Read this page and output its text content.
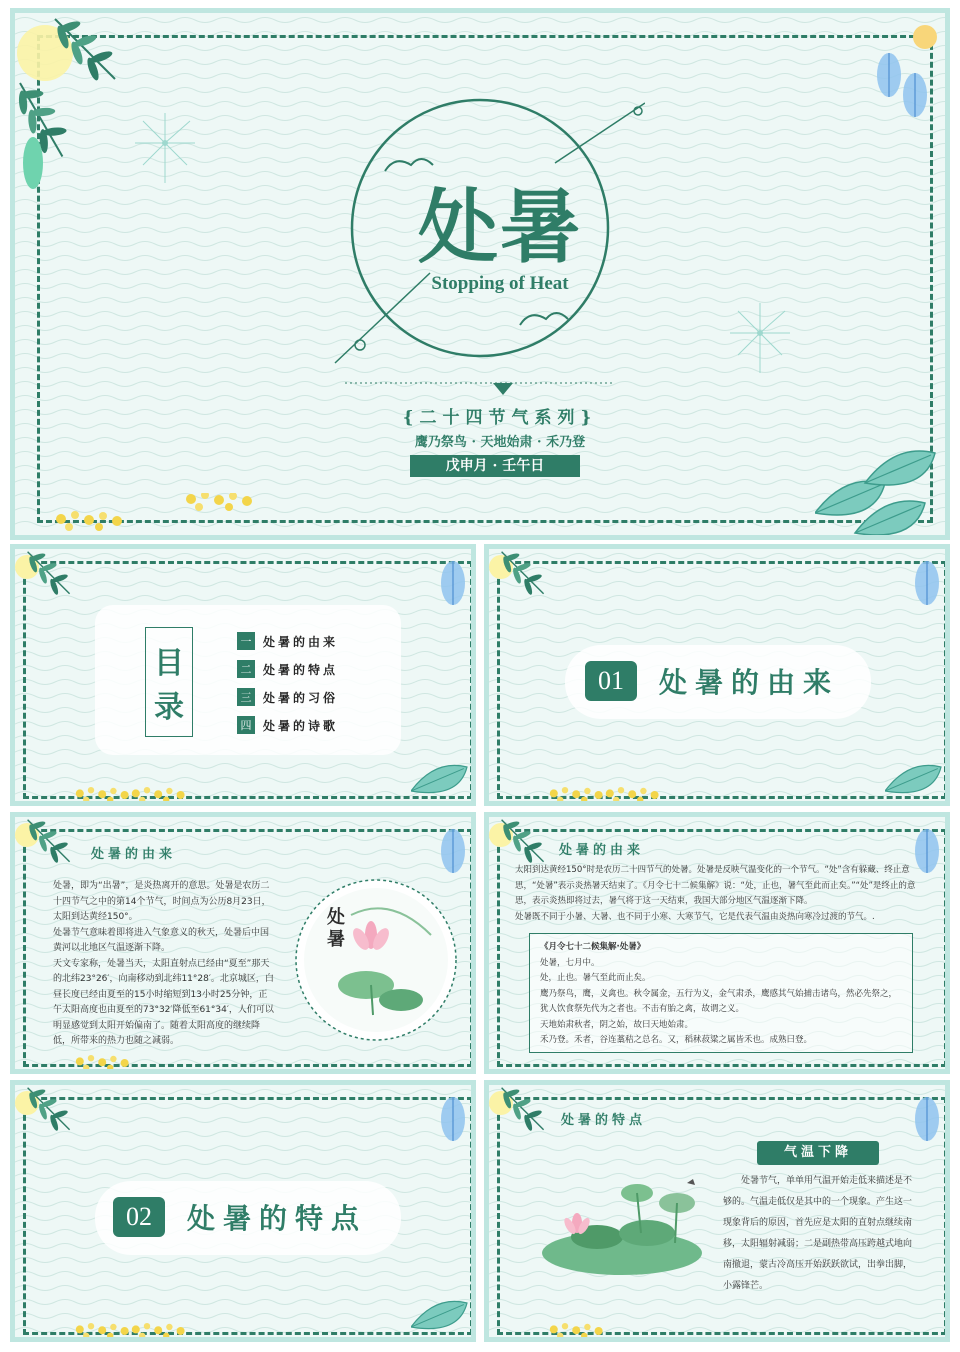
处暑
Stopping of Heat
{二十四节气系列}
鹰乃祭鸟 · 天地始肃 · 禾乃登
戊申月 · 壬午日
目
录
一 处暑的由来
二 处暑的特点
三 处暑的习俗
四 处暑的诗歌
01	处暑的由来
处暑的由来

处暑，即为“出暑”，是炎热离开的意思。处暑是农历二十四节气之中的第14个节气，时间点为公历8月23日，太阳到达黄经150°。

处暑节气意味着即将进入气象意义的秋天，处暑后中国黄河以北地区气温逐渐下降。

天文专家称，处暑当天，太阳直射点已经由“夏至”那天的北纬23°26′，向南移动到北纬11°28′。北京城区，白昼长度已经由夏至的15小时缩短到13小时25分钟，正午太阳高度也由夏至的73°32′降低至61°34′，人们可以明显感觉到太阳开始偏南了。随着太阳高度的继续降低，所带来的热力也随之减弱。

处暑
处暑的由来

太阳到达黄经150°时是农历二十四节气的处暑。处暑是反映气温变化的一个节气。“处”含有躲藏、终止意思，“处暑”表示炎热暑天结束了。《月令七十二候集解》说：“处，止也，暑气至此而止矣。”“处”是终止的意思，表示炎热即将过去，暑气将于这一天结束，我国大部分地区气温逐渐下降。

处暑既不同于小暑、大暑、也不同于小寒、大寒节气，它是代表气温由炎热向寒冷过渡的节气。.

《月令七十二候集解·处暑》

处暑，七月中。

处，止也。暑气至此而止矣。

鹰乃祭鸟，鹰，义禽也。秋令属金，五行为义，金气肃杀，鹰感其气始捕击诸鸟，然必先祭之，

犹人饮食祭先代为之者也。不击有胎之禽，故谓之义。

天地始肃秋者，阴之始，故曰天地始肃。

禾乃登。禾者，谷连藁秸之总名。又，稻秫菽粱之属皆禾也。成熟曰登。

02	处暑的特点
处暑的特点
气温下降
处暑节气，单单用气温开始走低来描述是不够的。气温走低仅是其中的一个现象。产生这一现象背后的原因，首先应是太阳的直射点继续南移，太阳辐射减弱；二是副热带高压跨越式地向南撤退，蒙古冷高压开始跃跃欲试，出拳出脚，小露锋芒。
